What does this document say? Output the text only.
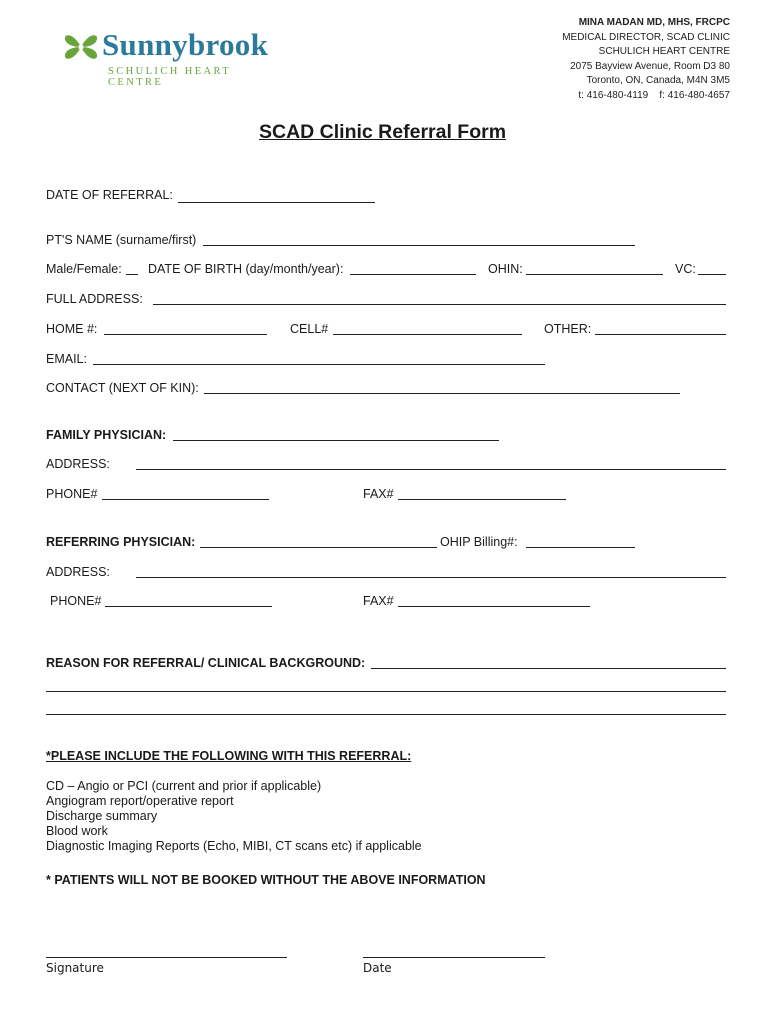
Sunnybrook
SCHULICH HEART CENTRE
MINA MADAN MD, MHS, FRCPC
MEDICAL DIRECTOR, SCAD CLINIC
SCHULICH HEART CENTRE
2075 Bayview Avenue, Room D3 80
Toronto, ON, Canada, M4N 3M5
t: 416-480-4119 f: 416-480-4657
SCAD Clinic Referral Form
DATE OF REFERRAL:
PT'S NAME (surname/first)
Male/Female: DATE OF BIRTH (day/month/year):	OHIN:	VC:
FULL ADDRESS:
HOME #:	CELL#	OTHER:
EMAIL:
CONTACT (NEXT OF KIN):
FAMILY PHYSICIAN:
ADDRESS:
PHONE#	FAX#
REFERRING PHYSICIAN:	OHIP Billing#:
ADDRESS:
PHONE#	FAX#
REASON FOR REFERRAL/ CLINICAL BACKGROUND:
*PLEASE INCLUDE THE FOLLOWING WITH THIS REFERRAL:
CD – Angio or PCI (current and prior if applicable)
Angiogram report/operative report
Discharge summary
Blood work
Diagnostic Imaging Reports (Echo, MIBI, CT scans etc) if applicable
* PATIENTS WILL NOT BE BOOKED WITHOUT THE ABOVE INFORMATION
Signature	Date
